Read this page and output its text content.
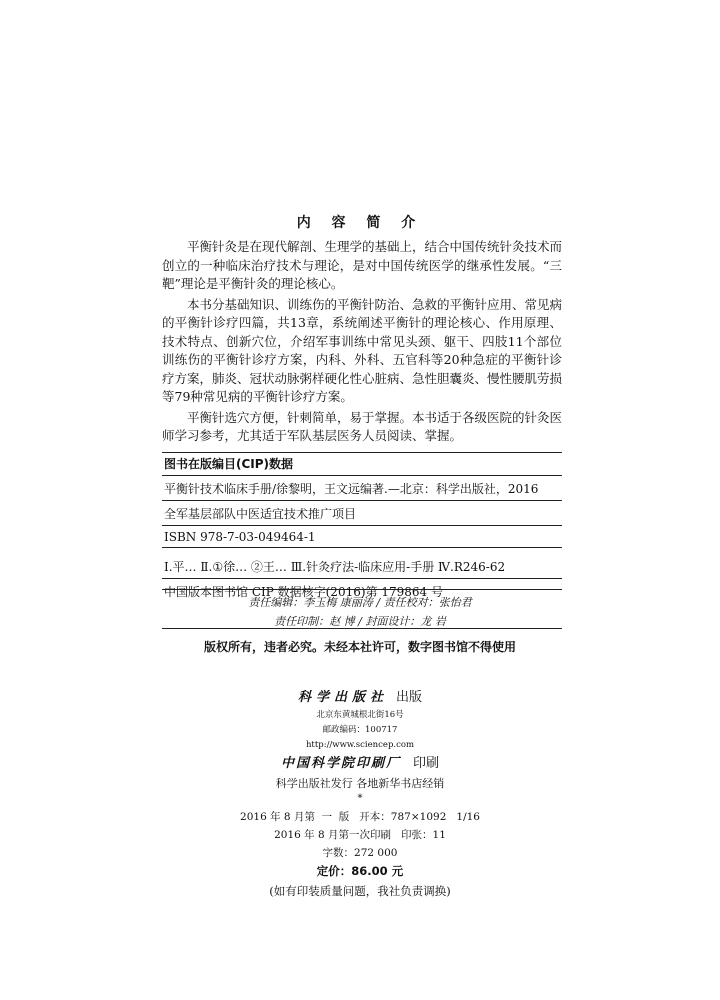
内 容 简 介

平衡针灸是在现代解剖、生理学的基础上，结合中国传统针灸技术而创立的一种临床治疗技术与理论，是对中国传统医学的继承性发展。“三靶”理论是平衡针灸的理论核心。

本书分基础知识、训练伤的平衡针防治、急救的平衡针应用、常见病的平衡针诊疗四篇，共13章，系统阐述平衡针的理论核心、作用原理、技术特点、创新穴位，介绍军事训练中常见头颈、躯干、四肢11个部位训练伤的平衡针诊疗方案，内科、外科、五官科等20种急症的平衡针诊疗方案，肺炎、冠状动脉粥样硬化性心脏病、急性胆囊炎、慢性腰肌劳损等79种常见病的平衡针诊疗方案。

平衡针选穴方便，针刺简单，易于掌握。本书适于各级医院的针灸医师学习参考，尤其适于军队基层医务人员阅读、掌握。

图书在版编目(CIP)数据
平衡针技术临床手册/徐黎明，王文远编著.—北京：科学出版社，2016
全军基层部队中医适宜技术推广项目
ISBN 978-7-03-049464-1
Ⅰ.平… Ⅱ.①徐… ②王… Ⅲ.针灸疗法-临床应用-手册 Ⅳ.R246-62
中国版本图书馆 CIP 数据核字(2016)第 179864 号
责任编辑：李玉梅 康丽涛 / 责任校对：张怡君
责任印制：赵 博 / 封面设计：龙 岩
版权所有，违者必究。未经本社许可，数字图书馆不得使用
科学出版社 出版
北京东黄城根北街16号
邮政编码：100717
http://www.sciencep.com
中国科学院印刷厂 印刷
科学出版社发行 各地新华书店经销
*
2016 年 8 月第  一  版   开本：787×1092   1/16
2016 年 8 月第一次印刷   印张：11
字数：272 000
定价：86.00 元
(如有印装质量问题，我社负责调换)
